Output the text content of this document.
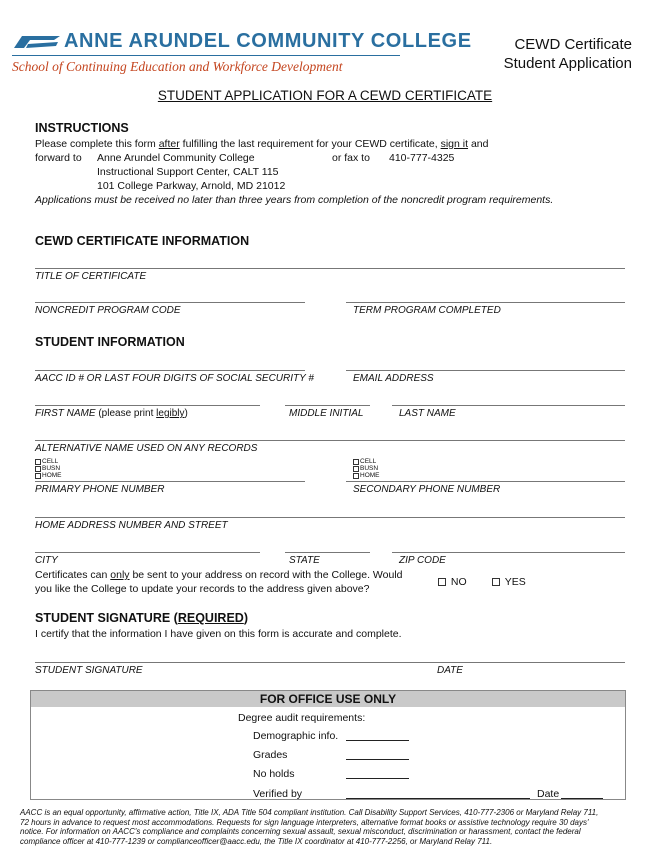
ANNE ARUNDEL COMMUNITY COLLEGE
School of Continuing Education and Workforce Development
CEWD Certificate
Student Application
STUDENT APPLICATION FOR A CEWD CERTIFICATE
INSTRUCTIONS
Please complete this form after fulfilling the last requirement for your CEWD certificate, sign it and
forward to Anne Arundel Community College
Instructional Support Center, CALT 115
101 College Parkway, Arnold, MD 21012
or fax to 410-777-4325
Applications must be received no later than three years from completion of the noncredit program requirements.
CEWD CERTIFICATE INFORMATION
TITLE OF CERTIFICATE
NONCREDIT PROGRAM CODE	TERM PROGRAM COMPLETED
STUDENT INFORMATION
AACC ID # OR LAST FOUR DIGITS OF SOCIAL SECURITY #	EMAIL ADDRESS
FIRST NAME (please print legibly)	MIDDLE INITIAL	LAST NAME
ALTERNATIVE NAME USED ON ANY RECORDS
CELL
BUSN
HOME
CELL
BUSN
HOME
PRIMARY PHONE NUMBER	SECONDARY PHONE NUMBER
HOME ADDRESS NUMBER AND STREET
CITY	STATE	ZIP CODE
Certificates can only be sent to your address on record with the College. Would
you like the College to update your records to the address given above?
NO	YES
STUDENT SIGNATURE (REQUIRED)
I certify that the information I have given on this form is accurate and complete.
STUDENT SIGNATURE	DATE
FOR OFFICE USE ONLY
Degree audit requirements:
Demographic info.
Grades
No holds
Verified by	Date
AACC is an equal opportunity, affirmative action, Title IX, ADA Title 504 compliant institution. Call Disability Support Services, 410-777-2306 or Maryland Relay 711,
72 hours in advance to request most accommodations. Requests for sign language interpreters, alternative format books or assistive technology require 30 days'
notice. For information on AACC's compliance and complaints concerning sexual assault, sexual misconduct, discrimination or harassment, contact the federal
compliance officer at 410-777-1239 or complianceofficer@aacc.edu, the Title IX coordinator at 410-777-2256, or Maryland Relay 711.
